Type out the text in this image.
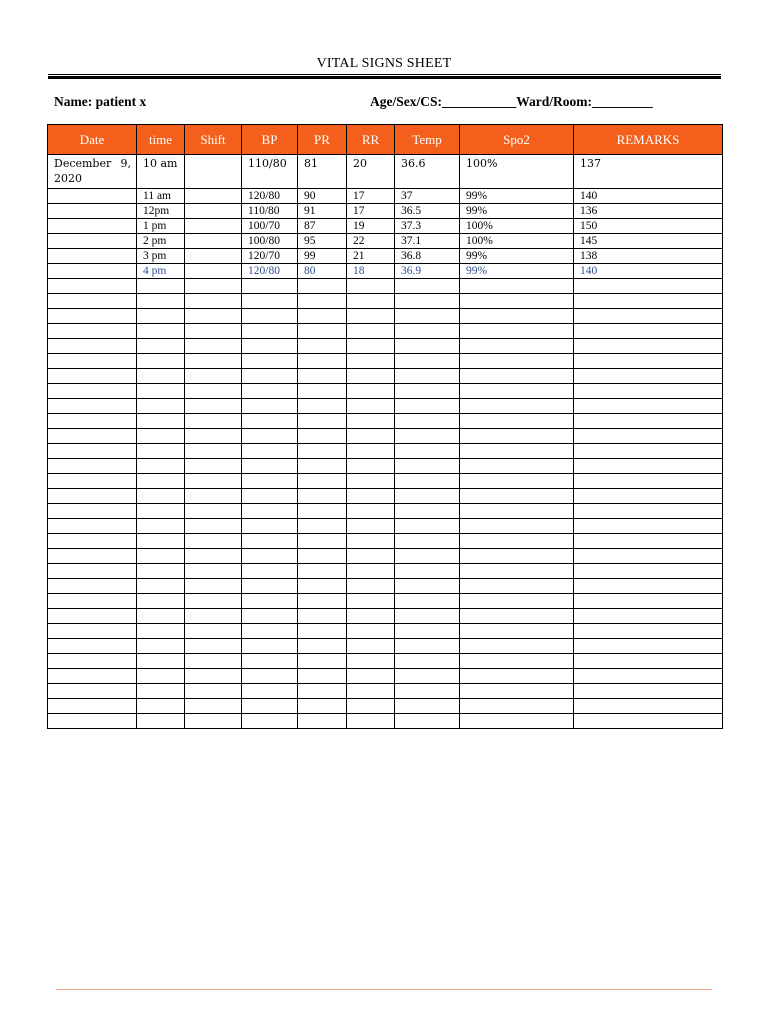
VITAL SIGNS SHEET
Name: patient x	Age/Sex/CS:___________Ward/Room:_________
Date	time	Shift	BP	PR	RR	Temp	Spo2	REMARKS
December 9, 2020	10 am		110/80	81	20	36.6	100%	137
	11 am		120/80	90	17	37	99%	140
	12pm		110/80	91	17	36.5	99%	136
	1 pm		100/70	87	19	37.3	100%	150
	2 pm		100/80	95	22	37.1	100%	145
	3 pm		120/70	99	21	36.8	99%	138
	4 pm		120/80	80	18	36.9	99%	140
